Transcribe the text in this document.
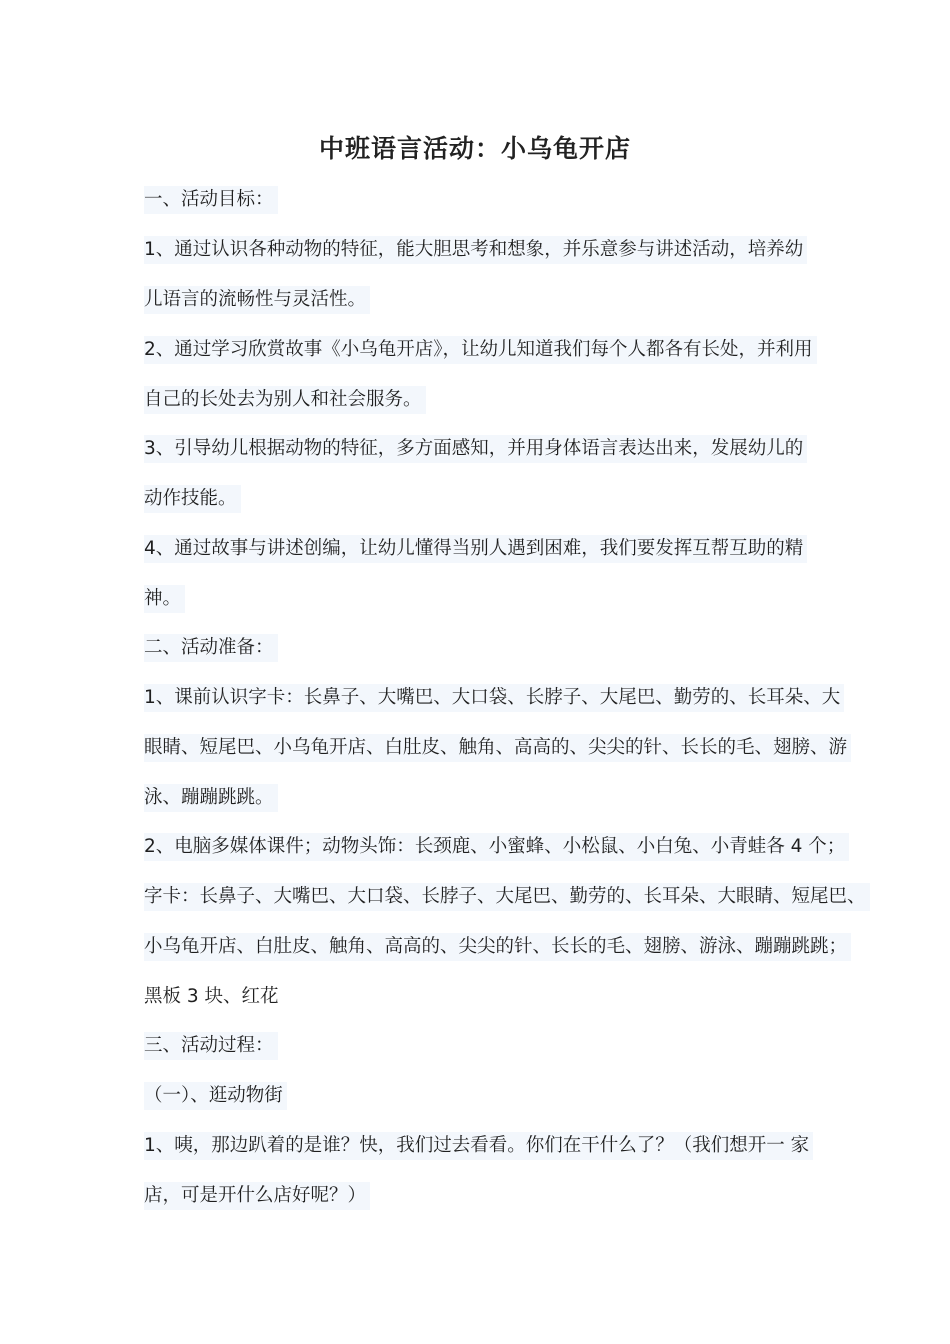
中班语言活动：小乌龟开店
一、活动目标：
1、通过认识各种动物的特征，能大胆思考和想象，并乐意参与讲述活动，培养幼
儿语言的流畅性与灵活性。
2、通过学习欣赏故事《小乌龟开店》，让幼儿知道我们每个人都各有长处，并利用
自己的长处去为别人和社会服务。
3、引导幼儿根据动物的特征，多方面感知，并用身体语言表达出来，发展幼儿的
动作技能。
4、通过故事与讲述创编，让幼儿懂得当别人遇到困难，我们要发挥互帮互助的精
神。
二、活动准备：
1、课前认识字卡：长鼻子、大嘴巴、大口袋、长脖子、大尾巴、勤劳的、长耳朵、大
眼睛、短尾巴、小乌龟开店、白肚皮、触角、高高的、尖尖的针、长长的毛、翅膀、游
泳、蹦蹦跳跳。
2、电脑多媒体课件；动物头饰：长颈鹿、小蜜蜂、小松鼠、小白兔、小青蛙各 4 个；
字卡：长鼻子、大嘴巴、大口袋、长脖子、大尾巴、勤劳的、长耳朵、大眼睛、短尾巴、
小乌龟开店、白肚皮、触角、高高的、尖尖的针、长长的毛、翅膀、游泳、蹦蹦跳跳；
黑板 3 块、红花
三、活动过程：
（一）、逛动物街
1、咦，那边趴着的是谁？快，我们过去看看。你们在干什么了？（我们想开一 家
店，可是开什么店好呢？）
